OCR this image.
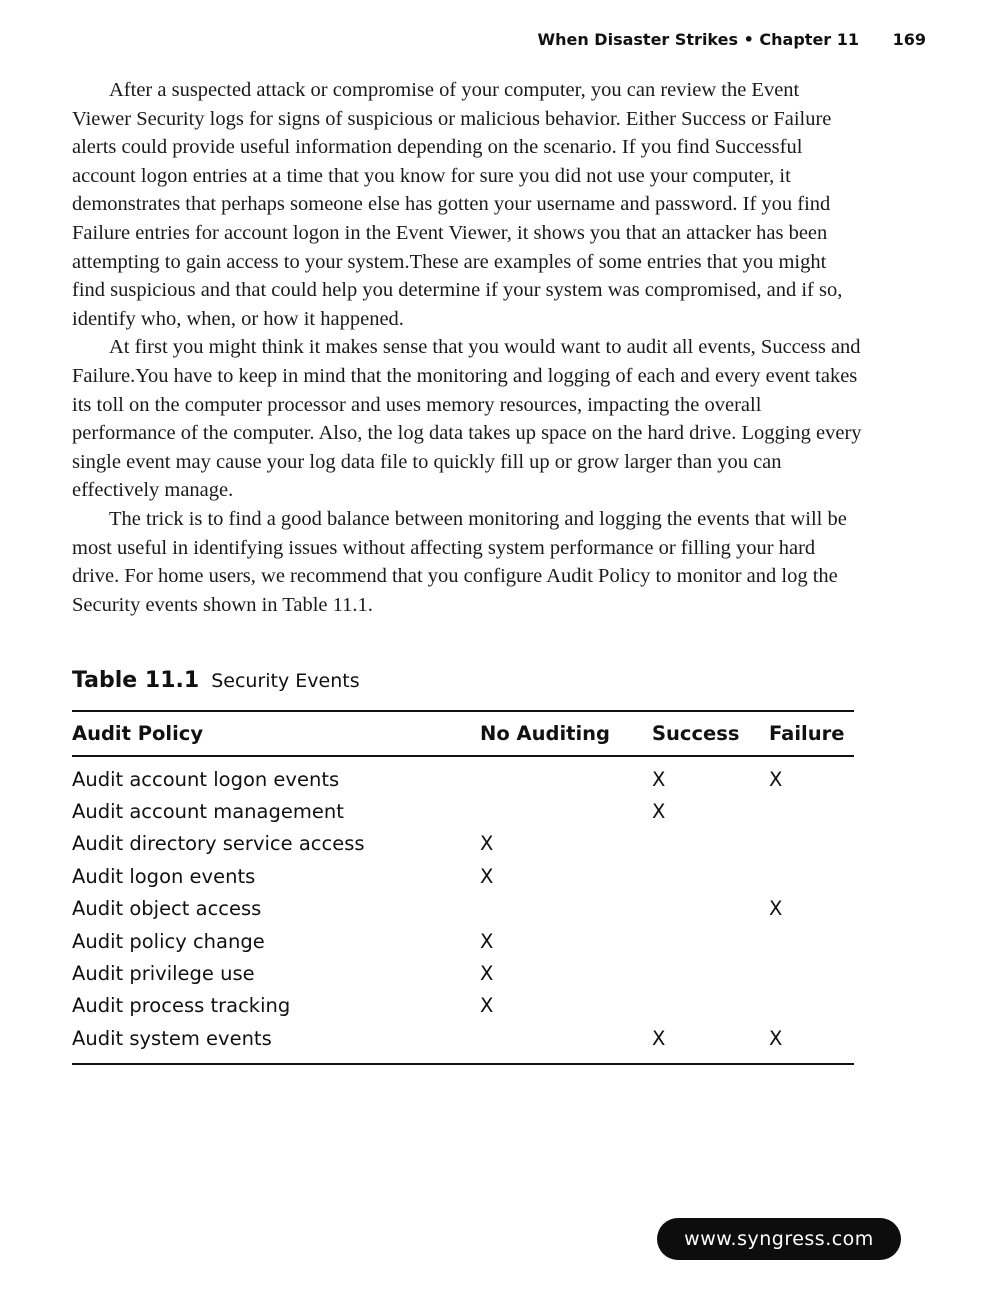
When Disaster Strikes • Chapter 11 169

After a suspected attack or compromise of your computer, you can review the Event Viewer Security logs for signs of suspicious or malicious behavior. Either Success or Failure alerts could provide useful information depending on the scenario. If you find Successful account logon entries at a time that you know for sure you did not use your computer, it demonstrates that perhaps someone else has gotten your username and password. If you find Failure entries for account logon in the Event Viewer, it shows you that an attacker has been attempting to gain access to your system.These are examples of some entries that you might find suspicious and that could help you determine if your system was compromised, and if so, identify who, when, or how it happened.

At first you might think it makes sense that you would want to audit all events, Success and Failure.You have to keep in mind that the monitoring and logging of each and every event takes its toll on the computer processor and uses memory resources, impacting the overall performance of the computer. Also, the log data takes up space on the hard drive. Logging every single event may cause your log data file to quickly fill up or grow larger than you can effectively manage.

The trick is to find a good balance between monitoring and logging the events that will be most useful in identifying issues without affecting system performance or filling your hard drive. For home users, we recommend that you configure Audit Policy to monitor and log the Security events shown in Table 11.1.

Table 11.1 Security Events
Audit Policy	No Auditing	Success	Failure
Audit account logon events		X	X
Audit account management		X	
Audit directory service access	X		
Audit logon events	X		
Audit object access			X
Audit policy change	X		
Audit privilege use	X		
Audit process tracking	X		
Audit system events		X	X
www.syngress.com
